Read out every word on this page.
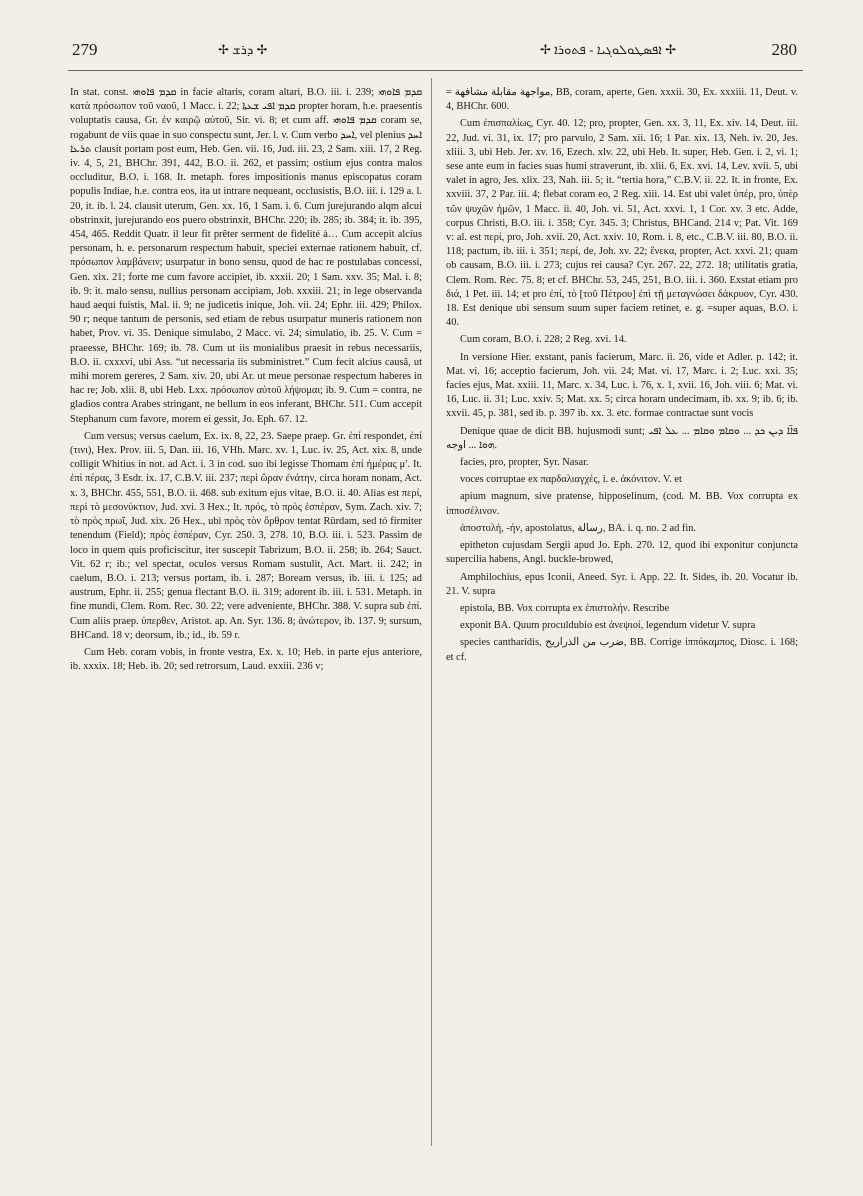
279	✢ ܕܪܫ ✢	✢ ܐܦܣܛܘܠܘܓܝܐ - ܦܬܘܪܐ ✢	280

In stat. const. ܩܕܡ ܦܐܘܗܝ in facie altaris, coram altari, B.O. iii. i. 239; ܩܕܡ ܦܐܘܗܝ κατὰ πρόσωπον τοῦ ναοῦ, 1 Macc. i. 22; ܩܕܡ ܐܦܝ ܫܥܬܐ propter horam, h.e. praesentis voluptatis causa, Gr. ἐν καιρῷ αὐτοῦ, Sir. vi. 8; et cum aff. ܩܕܡ ܦܐܘܗܝ coram se, rogabunt de viis quae in suo conspectu sunt, Jer. l. v. Cum verbo ܐܚܕ, vel plenius ܐܚܕ ܬܪܥܐ clausit portam post eum, Heb. Gen. vii. 16, Jud. iii. 23, 2 Sam. xiii. 17, 2 Reg. iv. 4, 5, 21, BHChr. 391, 442, B.O. ii. 262, et passim; ostium ejus contra malos occluditur, B.O. i. 168. It. metaph. fores impositionis manus episcopatus coram populis Indiae, h.e. contra eos, ita ut intrare nequeant, occlusistis, B.O. iii. i. 129 a. l. 20, it. ib. l. 24. clausit uterum, Gen. xx. 16, 1 Sam. i. 6. Cum jurejurando alqm alcui obstrinxit, jurejurando eos puero obstrinxit, BHChr. 220; ib. 285; ib. 384; it. ib. 395, 454, 465. Reddit Quatr. il leur fit prêter serment de fidelité à… Cum accepit alcius personam, h. e. personarum respectum habuit, speciei externae rationem habuit, cf. πρόσωπον λαμβάνειν; usurpatur in bono sensu, quod de hac re postulabas concessi, Gen. xix. 21; forte me cum favore accipiet, ib. xxxii. 20; 1 Sam. xxv. 35; Mal. i. 8; ib. 9: it. malo sensu, nullius personam accipiam, Job. xxxiii. 21; in lege observanda haud aequi fuistis, Mal. ii. 9; ne judicetis inique, Joh. vii. 24; Ephr. iii. 429; Philox. 90 r; neque tantum de personis, sed etiam de rebus usurpatur muneris rationem non habet, Prov. vi. 35. Denique simulabo, 2 Macc. vi. 24; simulatio, ib. 25. V. Cum = praeesse, BHChr. 169; ib. 78. Cum ut iis monialibus praesit in rebus necessariis, B.O. ii. cxxxvi, ubi Ass. “ut necessaria iis subministret.” Cum fecit alcius causâ, ut mihi morem gereres, 2 Sam. xiv. 20, ubi Ar. ut meue personae respectum haberes in hac re; Job. xlii. 8, ubi Heb. Lxx. πρόσωπον αὐτοῦ λήψομαι; ib. 9. Cum = contra, ne gladios contra Arabes stringant, ne bellum in eos inferant, BHChr. 511. Cum accepit Stephanum cum favore, morem ei gessit, Jo. Eph. 67. 12.

Cum versus; versus caelum, Ex. ix. 8, 22, 23. Saepe praep. Gr. ἐπί respondet, ἐπί (τινι), Hex. Prov. iii. 5, Dan. iii. 16, VHh. Marc. xv. 1, Luc. iv. 25, Act. xix. 8, unde colligit Whitius in not. ad Act. i. 3 in cod. suo ibi legisse Thomam ἐπί ἡμέρας μ′. It. ἐπὶ πέρας, 3 Esdr. ix. 17, C.B.V. iii. 237; περὶ ὥραν ἐνάτην, circa horam nonam, Act. x. 3, BHChr. 455, 551, B.O. ii. 468. sub exitum ejus vitae, B.O. ii. 40. Alias est περί, περὶ τὸ μεσονύκτιον, Jud. xvi. 3 Hex.; It. πρός, τὸ πρὸς ἑσπέραν, Sym. Zach. xiv. 7; τὸ πρὸς πρωΐ, Jud. xix. 26 Hex., ubi πρὸς τὸν ὄρθρον tentat Rürdam, sed tó firmiter tenendum (Field); πρὸς ἑσπέραν, Cyr. 250. 3, 278. 10, B.O. iii. i. 523. Passim de loco in quem quis proficiscitur, iter suscepit Tabrizum, B.O. ii. 258; ib. 264; Sauct. Vit. 62 r; ib.; vel spectat, oculos versus Romam sustulit, Act. Mart. ii. 242; in caelum, B.O. i. 213; versus portam, ib. i. 287; Boream versus, ib. iii. i. 125; ad austrum, Ephr. ii. 255; genua flectant B.O. ii. 319; adorent ib. iii. i. 531. Metaph. in fine mundi, Clem. Rom. Rec. 30. 22; vere adveniente, BHChr. 388. V. supra sub ἐπί. Cum aliis praep. ὑπερθεν, Aristot. ap. An. Syr. 136. 8; ἀνώτερον, ib. 137. 9; sursum, BHCand. 18 v; deorsum, ib.; id., ib. 59 r.

Cum Heb. coram vobis, in fronte vestra, Ex. x. 10; Heb. in parte ejus anteriore, ib. xxxix. 18; Heb. ib. 20; sed retrorsum, Laud. exxiii. 236 v;

= مواجهة مقابلة مشافهة, BB, coram, aperte, Gen. xxxii. 30, Ex. xxxiii. 11, Deut. v. 4, BHChr. 600.

Cum ἐπισπαλίως, Cyr. 40. 12; pro, propter, Gen. xx. 3, 11, Ex. xiv. 14, Deut. iii. 22, Jud. vi. 31, ix. 17; pro parvulo, 2 Sam. xii. 16; 1 Par. xix. 13, Neh. iv. 20, Jes. xliii. 3, ubi Heb. Jer. xv. 16, Ezech. xlv. 22, ubi Heb. It. super, Heb. Gen. i. 2, vi. 1; sese ante eum in facies suas humi straverunt, ib. xlii. 6, Ex. xvi. 14, Lev. xvii. 5, ubi valet in agro, Jes. xlix. 23, Nah. iii. 5; it. “tertia hora,” C.B.V. ii. 22. It. in fronte, Ex. xxviii. 37, 2 Par. iii. 4; flebat coram eo, 2 Reg. xiii. 14. Est ubi valet ὑπέρ, pro, ὑπὲρ τῶν ψυχῶν ἡμῶν, 1 Macc. ii. 40, Joh. vi. 51, Act. xxvi. 1, 1 Cor. xv. 3 etc. Adde, corpus Christi, B.O. iii. i. 358; Cyr. 345. 3; Christus, BHCand. 214 v; Pat. Vit. 169 v: al. est περί, pro, Joh. xvii. 20, Act. xxiv. 10, Rom. i. 8, etc., C.B.V. iii. 80, B.O. ii. 118; pactum, ib. iii. i. 351; περί, de, Joh. xv. 22; ἕνεκα, propter, Act. xxvi. 21; quam ob causam, B.O. iii. i. 273; cujus rei causa? Cyr. 267. 22, 272. 18; utilitatis gratia, Clem. Rom. Rec. 75. 8; et cf. BHChr. 53, 245, 251, B.O. iii. i. 360. Exstat etiam pro διά, 1 Pet. iii. 14; et pro ἐπί, τὸ [τοῦ Πέτρου] ἐπὶ τῇ μεταγνώσει δάκρυον, Cyr. 430. 18. Est denique ubi sensum suum super faciem retinet, e. g. =super aquas, B.O. i. 40.

Cum coram, B.O. i. 228; 2 Reg. xvi. 14.

In versione Hier. exstant, panis facierum, Marc. ii. 26, vide et Adler. p. 142; it. Mat. vi. 16; acceptio facierum, Joh. vii. 24; Mat. vi. 17, Marc. i. 2; Luc. xxi. 35; facies ejus, Mat. xxiii. 11, Marc. x. 34, Luc. i. 76, x. 1, xvii. 16, Joh. viii. 6; Mat. vi. 16, Luc. ii. 31; Luc. xxiv. 5; Mat. xx. 5; circa horam undecimam, ib. xx. 9; ib. 6; ib. xxvii. 45, p. 381, sed ib. p. 397 ib. xx. 3. etc. formae contractae sunt vocis

Denique quae de dicit BB. hujusmodi sunt; ܦܐ̈ܐ ܕܝܢ ܟܕ ... ܘܩܐܡ ܘܩܐܡ ... ܥܠ ܐܦܝ ܗܘܐ ... اوجه.

facies, pro, propter, Syr. Nasar.

voces corruptae ex παρδαλιαγχές, i. e. ἀκόνιτον. V. et

apium magnum, sive pratense, hipposelinum, (cod. M. BB. Vox corrupta ex ἱπποσέλινον.

ἀποστολή, -ήν, apostolatus, رسالة, BA. i. q. no. 2 ad fin.

epitheton cujusdam Sergii apud Jo. Eph. 270. 12, quod ibi exponitur conjuncta supercilia habens, Angl. buckle-browed,

Amphilochius, epus Iconii, Aneed. Syr. i. App. 22. It. Sides, ib. 20. Vocatur ib. 21. V. supra

epistola, BB. Vox corrupta ex ἐπιστολήν. Rescribe

exponit BA. Quum proculdubio est ἀνεψιοί, legendum videtur V. supra

species cantharidis, ضرب من الذراريح, BB. Corrige ἱππόκαμπος, Diosc. i. 168; et cf.
